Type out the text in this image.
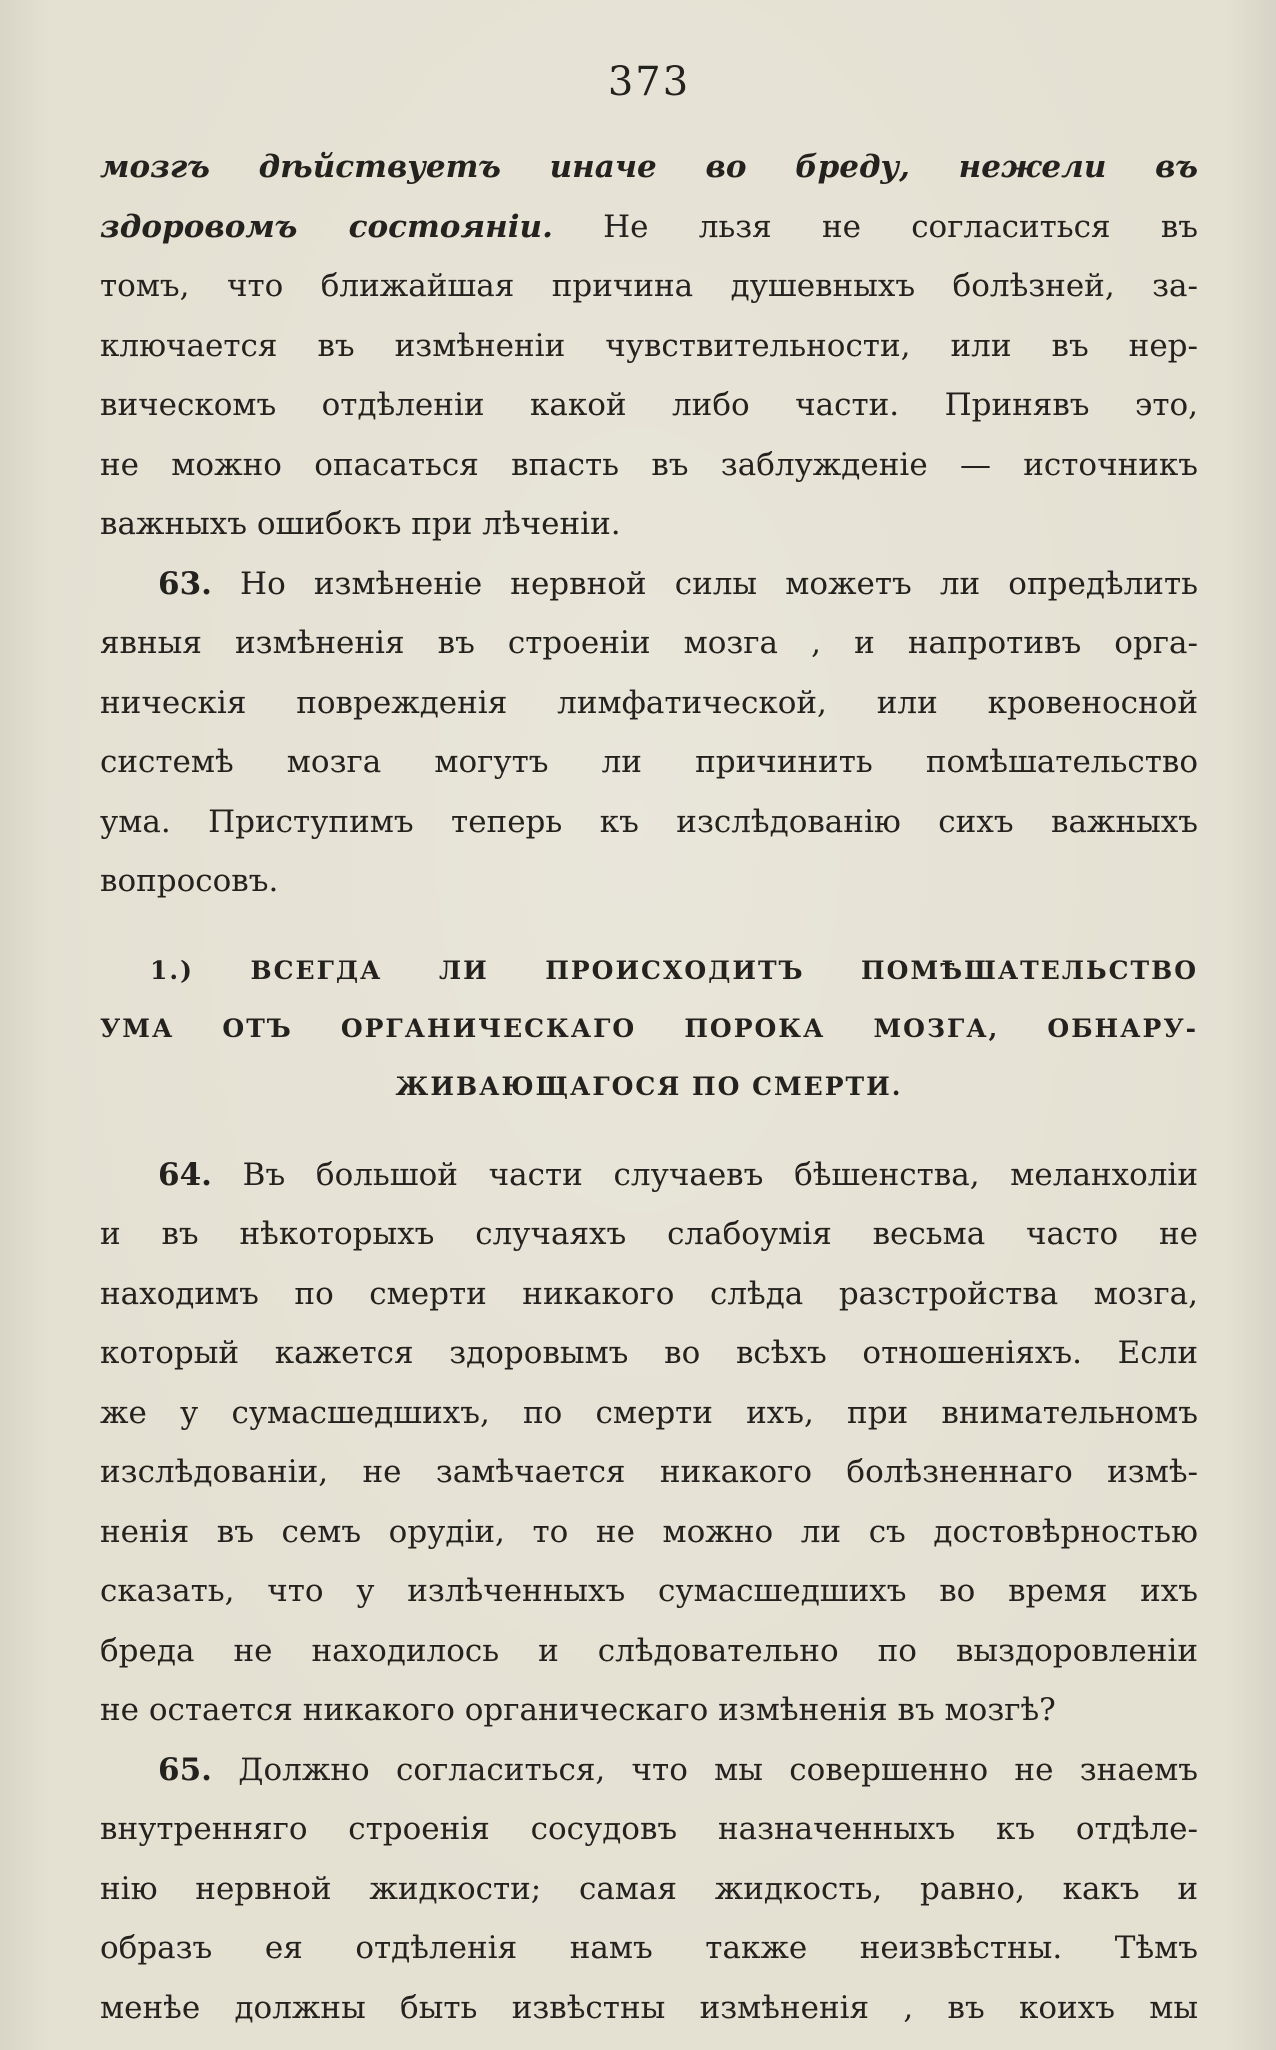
373
мозгъ дѣйствуетъ иначе во бреду, нежели въ
здоровомъ состояніи. Не льзя не согласиться въ
томъ, что ближайшая причина душевныхъ болѣзней, за-
ключается въ измѣненіи чувствительности, или въ нер-
вическомъ отдѣленіи какой либо части. Принявъ это,
не можно опасаться впасть въ заблужденіе — источникъ
важныхъ ошибокъ при лѣченіи.
63. Но измѣненіе нервной силы можетъ ли опредѣлить
явныя измѣненія въ строеніи мозга , и напротивъ орга-
ническія поврежденія лимфатической, или кровеносной
системѣ мозга могутъ ли причинить помѣшательство
ума. Приступимъ теперь къ изслѣдованію сихъ важныхъ
вопросовъ.
1.) ВСЕГДА ЛИ ПРОИСХОДИТЪ ПОМѢШАТЕЛЬСТВО
УМА ОТЪ ОРГАНИЧЕСКАГО ПОРОКА МОЗГА, ОБНАРУ-
ЖИВАЮЩАГОСЯ ПО СМЕРТИ.
64. Въ большой части случаевъ бѣшенства, меланхоліи
и въ нѣкоторыхъ случаяхъ слабоумія весьма часто не
находимъ по смерти никакого слѣда разстройства мозга,
который кажется здоровымъ во всѣхъ отношеніяхъ. Если
же у сумасшедшихъ, по смерти ихъ, при внимательномъ
изслѣдованіи, не замѣчается никакого болѣзненнаго измѣ-
ненія въ семъ орудіи, то не можно ли съ достовѣрностью
сказать, что у излѣченныхъ сумасшедшихъ во время ихъ
бреда не находилось и слѣдовательно по выздоровленіи
не остается никакого органическаго измѣненія въ мозгѣ?
65. Должно согласиться, что мы совершенно не знаемъ
внутренняго строенія сосудовъ назначенныхъ къ отдѣле-
нію нервной жидкости; самая жидкость, равно, какъ и
образъ ея отдѣленія намъ также неизвѣстны. Тѣмъ
менѣе должны быть извѣстны измѣненія , въ коихъ мы
